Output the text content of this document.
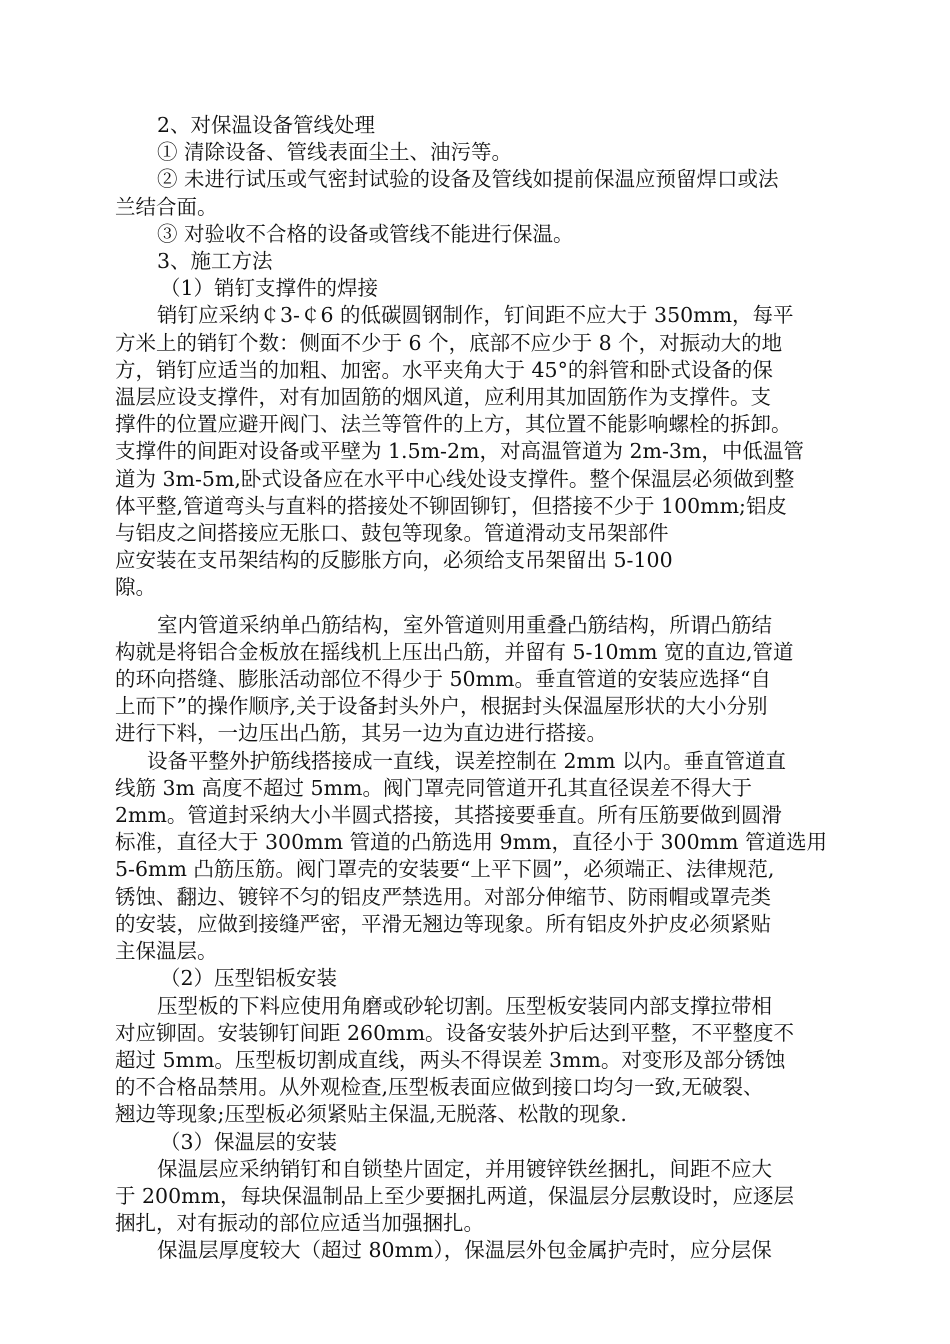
2、对保温设备管线处理

① 清除设备、管线表面尘土、油污等。

② 未进行试压或气密封试验的设备及管线如提前保温应预留焊口或法

兰结合面。

③ 对验收不合格的设备或管线不能进行保温。

3、施工方法

（1）销钉支撑件的焊接

销钉应采纳￠3-￠6 的低碳圆钢制作，钉间距不应大于 350mm，每平

方米上的销钉个数：侧面不少于 6 个，底部不应少于 8 个，对振动大的地

方，销钉应适当的加粗、加密。水平夹角大于 45°的斜管和卧式设备的保

温层应设支撑件，对有加固筋的烟风道，应利用其加固筋作为支撑件。支

撑件的位置应避开阀门、法兰等管件的上方，其位置不能影响螺栓的拆卸。

支撑件的间距对设备或平壁为 1.5m-2m，对高温管道为 2m-3m，中低温管

道为 3m-5m,卧式设备应在水平中心线处设支撑件。整个保温层必须做到整

体平整,管道弯头与直料的搭接处不铆固铆钉，但搭接不少于 100mm;铝皮

与铝皮之间搭接应无胀口、鼓包等现象。管道滑动支吊架部件

应安装在支吊架结构的反膨胀方向，必须给支吊架留出 5-100

隙。

室内管道采纳单凸筋结构，室外管道则用重叠凸筋结构，所谓凸筋结

构就是将铝合金板放在摇线机上压出凸筋，并留有 5-10mm 宽的直边,管道

的环向搭缝、膨胀活动部位不得少于 50mm。垂直管道的安装应选择“自

上而下”的操作顺序,关于设备封头外户，根据封头保温屋形状的大小分别

进行下料，一边压出凸筋，其另一边为直边进行搭接。

设备平整外护筋线搭接成一直线，误差控制在 2mm 以内。垂直管道直

线筋 3m 高度不超过 5mm。阀门罩壳同管道开孔其直径误差不得大于

2mm。管道封采纳大小半圆式搭接，其搭接要垂直。所有压筋要做到圆滑

标准，直径大于 300mm 管道的凸筋选用 9mm，直径小于 300mm 管道选用

5-6mm 凸筋压筋。阀门罩壳的安装要“上平下圆”，必须端正、法律规范,

锈蚀、翻边、镀锌不匀的铝皮严禁选用。对部分伸缩节、防雨帽或罩壳类

的安装，应做到接缝严密，平滑无翘边等现象。所有铝皮外护皮必须紧贴

主保温层。

（2）压型铝板安装

压型板的下料应使用角磨或砂轮切割。压型板安装同内部支撑拉带相

对应铆固。安装铆钉间距 260mm。设备安装外护后达到平整，不平整度不

超过 5mm。压型板切割成直线，两头不得误差 3mm。对变形及部分锈蚀

的不合格品禁用。从外观检查,压型板表面应做到接口均匀一致,无破裂、

翘边等现象;压型板必须紧贴主保温,无脱落、松散的现象.

（3）保温层的安装

保温层应采纳销钉和自锁垫片固定，并用镀锌铁丝捆扎，间距不应大

于 200mm，每块保温制品上至少要捆扎两道，保温层分层敷设时，应逐层

捆扎，对有振动的部位应适当加强捆扎。

保温层厚度较大（超过 80mm），保温层外包金属护壳时，应分层保
